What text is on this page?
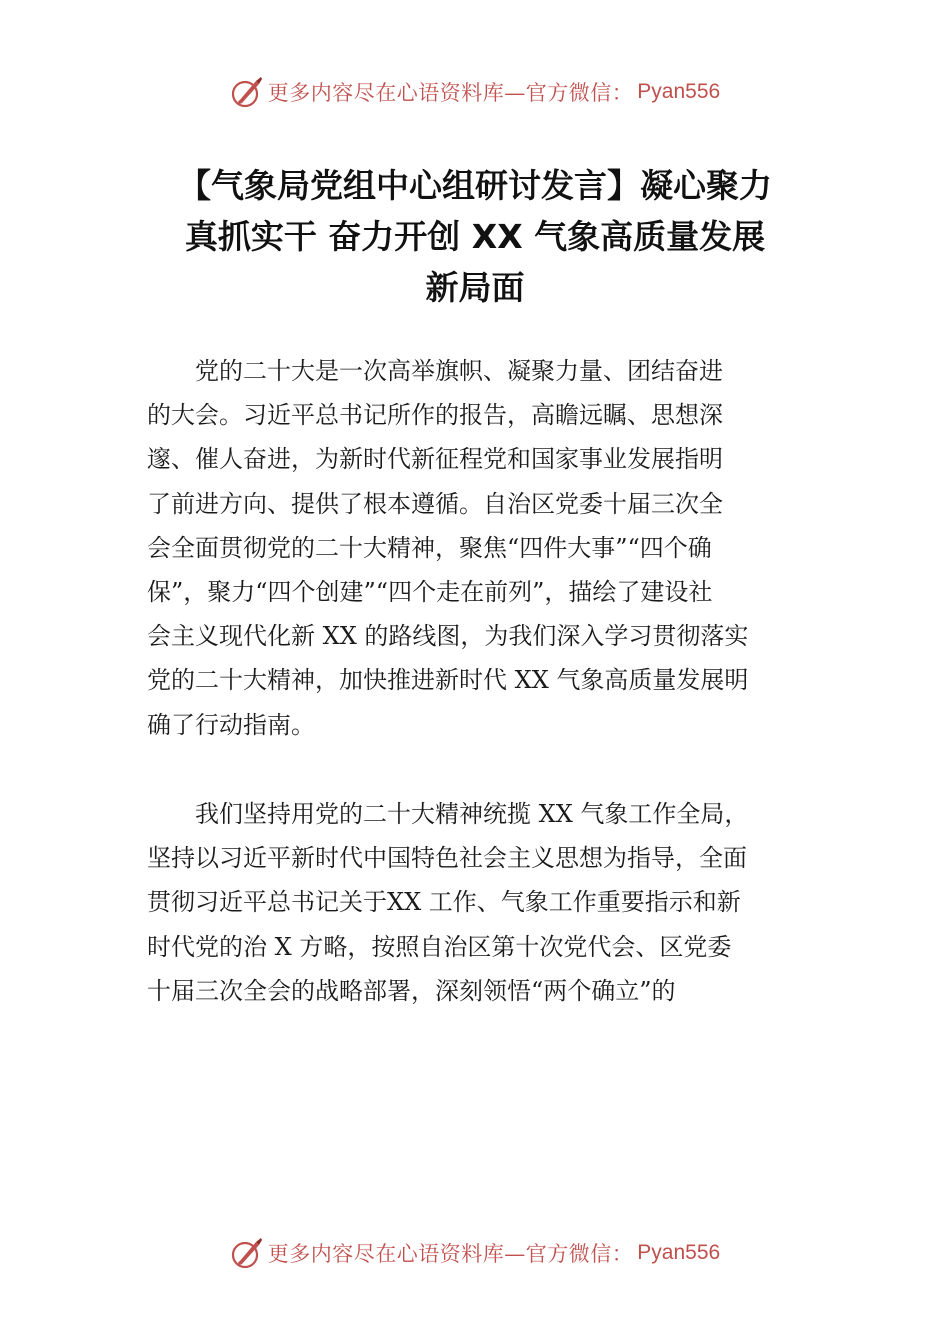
更多内容尽在心语资料库—官方微信： Pyan556
【气象局党组中心组研讨发言】凝心聚力
真抓实干 奋力开创 XX 气象高质量发展
新局面
　　党的二十大是一次高举旗帜、凝聚力量、团结奋进
的大会。习近平总书记所作的报告，高瞻远瞩、思想深
邃、催人奋进，为新时代新征程党和国家事业发展指明
了前进方向、提供了根本遵循。自治区党委十届三次全
会全面贯彻党的二十大精神，聚焦“四件大事”“四个确
保”，聚力“四个创建”“四个走在前列”，描绘了建设社
会主义现代化新 XX 的路线图，为我们深入学习贯彻落实
党的二十大精神，加快推进新时代 XX 气象高质量发展明
确了行动指南。
　　我们坚持用党的二十大精神统揽 XX 气象工作全局，
坚持以习近平新时代中国特色社会主义思想为指导，全面
贯彻习近平总书记关于XX 工作、气象工作重要指示和新
时代党的治 X 方略，按照自治区第十次党代会、区党委
十届三次全会的战略部署，深刻领悟“两个确立”的
更多内容尽在心语资料库—官方微信： Pyan556
